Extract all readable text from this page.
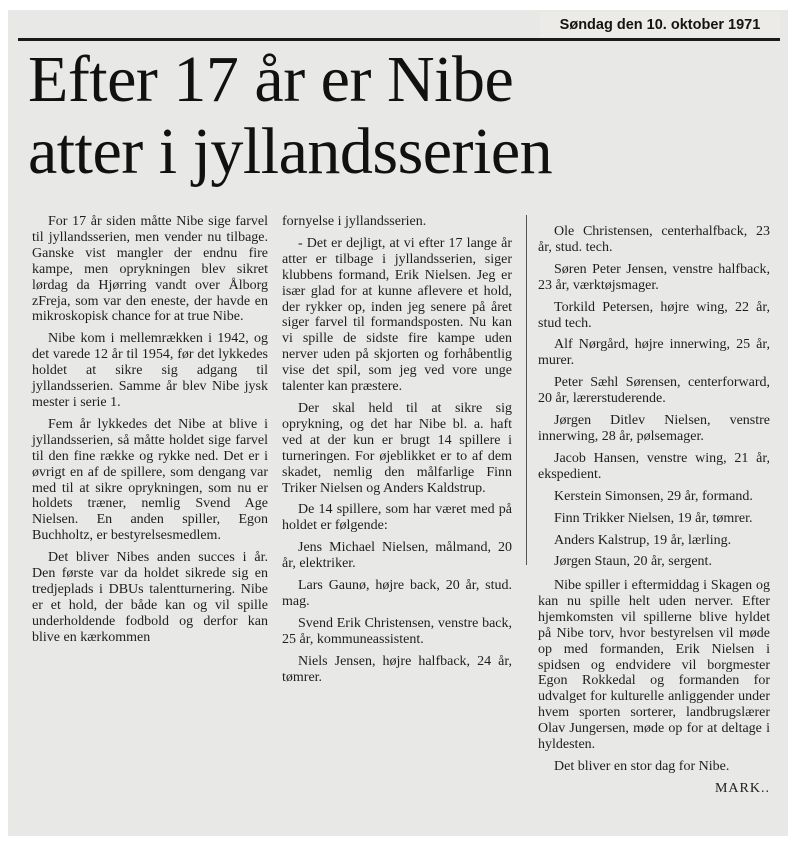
Søndag den 10. oktober 1971
Efter 17 år er Nibe
atter i jyllandsserien

For 17 år siden måtte Nibe sige farvel til jyllandsserien, men vender nu tilbage. Ganske vist mangler der endnu fire kampe, men oprykningen blev sikret lørdag da Hjørring vandt over Ålborg zFreja, som var den eneste, der havde en mikroskopisk chance for at true Nibe.

Nibe kom i mellemrækken i 1942, og det varede 12 år til 1954, før det lykkedes holdet at sikre sig adgang til jyllandsserien. Samme år blev Nibe jysk mester i serie 1.

Fem år lykkedes det Nibe at blive i jyllandsserien, så måtte holdet sige farvel til den fine række og rykke ned. Det er i øvrigt en af de spillere, som dengang var med til at sikre oprykningen, som nu er holdets træner, nemlig Svend Age Nielsen. En anden spiller, Egon Buchholtz, er bestyrelsesmedlem.

Det bliver Nibes anden succes i år. Den første var da holdet sikrede sig en tredjeplads i DBUs talentturnering. Nibe er et hold, der både kan og vil spille underholdende fodbold og derfor kan blive en kærkommen

fornyelse i jyllandsserien.

- Det er dejligt, at vi efter 17 lange år atter er tilbage i jyllandsserien, siger klubbens formand, Erik Nielsen. Jeg er især glad for at kunne aflevere et hold, der rykker op, inden jeg senere på året siger farvel til formandsposten. Nu kan vi spille de sidste fire kampe uden nerver uden på skjorten og forhåbentlig vise det spil, som jeg ved vore unge talenter kan præstere.

Der skal held til at sikre sig oprykning, og det har Nibe bl. a. haft ved at der kun er brugt 14 spillere i turneringen. For øjeblikket er to af dem skadet, nemlig den målfarlige Finn Triker Nielsen og Anders Kaldstrup.

De 14 spillere, som har været med på holdet er følgende:

Jens Michael Nielsen, målmand, 20 år, elektriker.

Lars Gaunø, højre back, 20 år, stud. mag.

Svend Erik Christensen, venstre back, 25 år, kommuneassistent.

Niels Jensen, højre halfback, 24 år, tømrer.

Ole Christensen, centerhalfback, 23 år, stud. tech.

Søren Peter Jensen, venstre halfback, 23 år, værktøjsmager.

Torkild Petersen, højre wing, 22 år, stud tech.

Alf Nørgård, højre innerwing, 25 år, murer.

Peter Sæhl Sørensen, centerforward, 20 år, lærerstuderende.

Jørgen Ditlev Nielsen, venstre innerwing, 28 år, pølsemager.

Jacob Hansen, venstre wing, 21 år, ekspedient.

Kerstein Simonsen, 29 år, formand.

Finn Trikker Nielsen, 19 år, tømrer.

Anders Kalstrup, 19 år, lærling.

Jørgen Staun, 20 år, sergent.

Nibe spiller i eftermiddag i Skagen og kan nu spille helt uden nerver. Efter hjemkomsten vil spillerne blive hyldet på Nibe torv, hvor bestyrelsen vil møde op med formanden, Erik Nielsen i spidsen og endvidere vil borgmester Egon Rokkedal og formanden for udvalget for kulturelle anliggender under hvem sporten sorterer, landbrugslærer Olav Jungersen, møde op for at deltage i hyldesten.

Det bliver en stor dag for Nibe.

MARK..
